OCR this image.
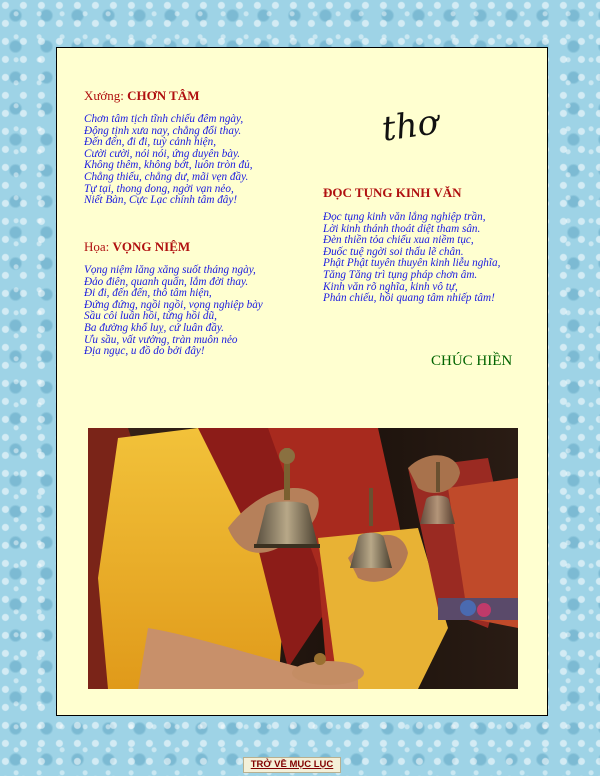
Xướng: CHƠN TÂM
Chơn tâm tịch tĩnh chiếu đêm ngày,
Động tịnh xưa nay, chẳng đổi thay.
Đến đến, đi đi, tuỳ cảnh hiện,
Cười cười, nói nói, ứng duyên bày.
Không thêm, không bớt, luôn tròn đủ,
Chẳng thiếu, chẳng dư, mãi vẹn đầy.
Tự tại, thong dong, ngời vạn nẻo,
Niết Bàn, Cực Lạc chính tâm đây!
Họa: VỌNG NIỆM
Vọng niệm lăng xăng suốt tháng ngày,
Đảo điên, quanh quẩn, lắm đời thay.
Đi đi, đến đến, thô tâm hiện,
Đứng đứng, ngồi ngồi, vọng nghiệp bày
Sầu côi luân hồi, từng hồi dũ,
Ba đường khổ luỵ, cứ luân đầy.
Ưu sầu, vất vưởng, tràn muôn nẻo
Địa ngục, u đồ do bởi đây!
thơ
ĐỌC TỤNG KINH VĂN
Đọc tụng kinh văn lắng nghiệp trần,
Lời kinh thánh thoát diệt tham sân.
Đèn thiền tỏa chiếu xua niềm tục,
Đuốc tuệ ngời soi thấu lẽ chân.
Phật Phật tuyên thuyên kinh liễu nghĩa,
Tăng Tăng trì tụng pháp chơn âm.
Kinh văn rõ nghĩa, kinh vô tự,
Phản chiếu, hồi quang tâm nhiếp tâm!
CHÚC HIỀN
TRỞ VỀ MỤC LỤC
